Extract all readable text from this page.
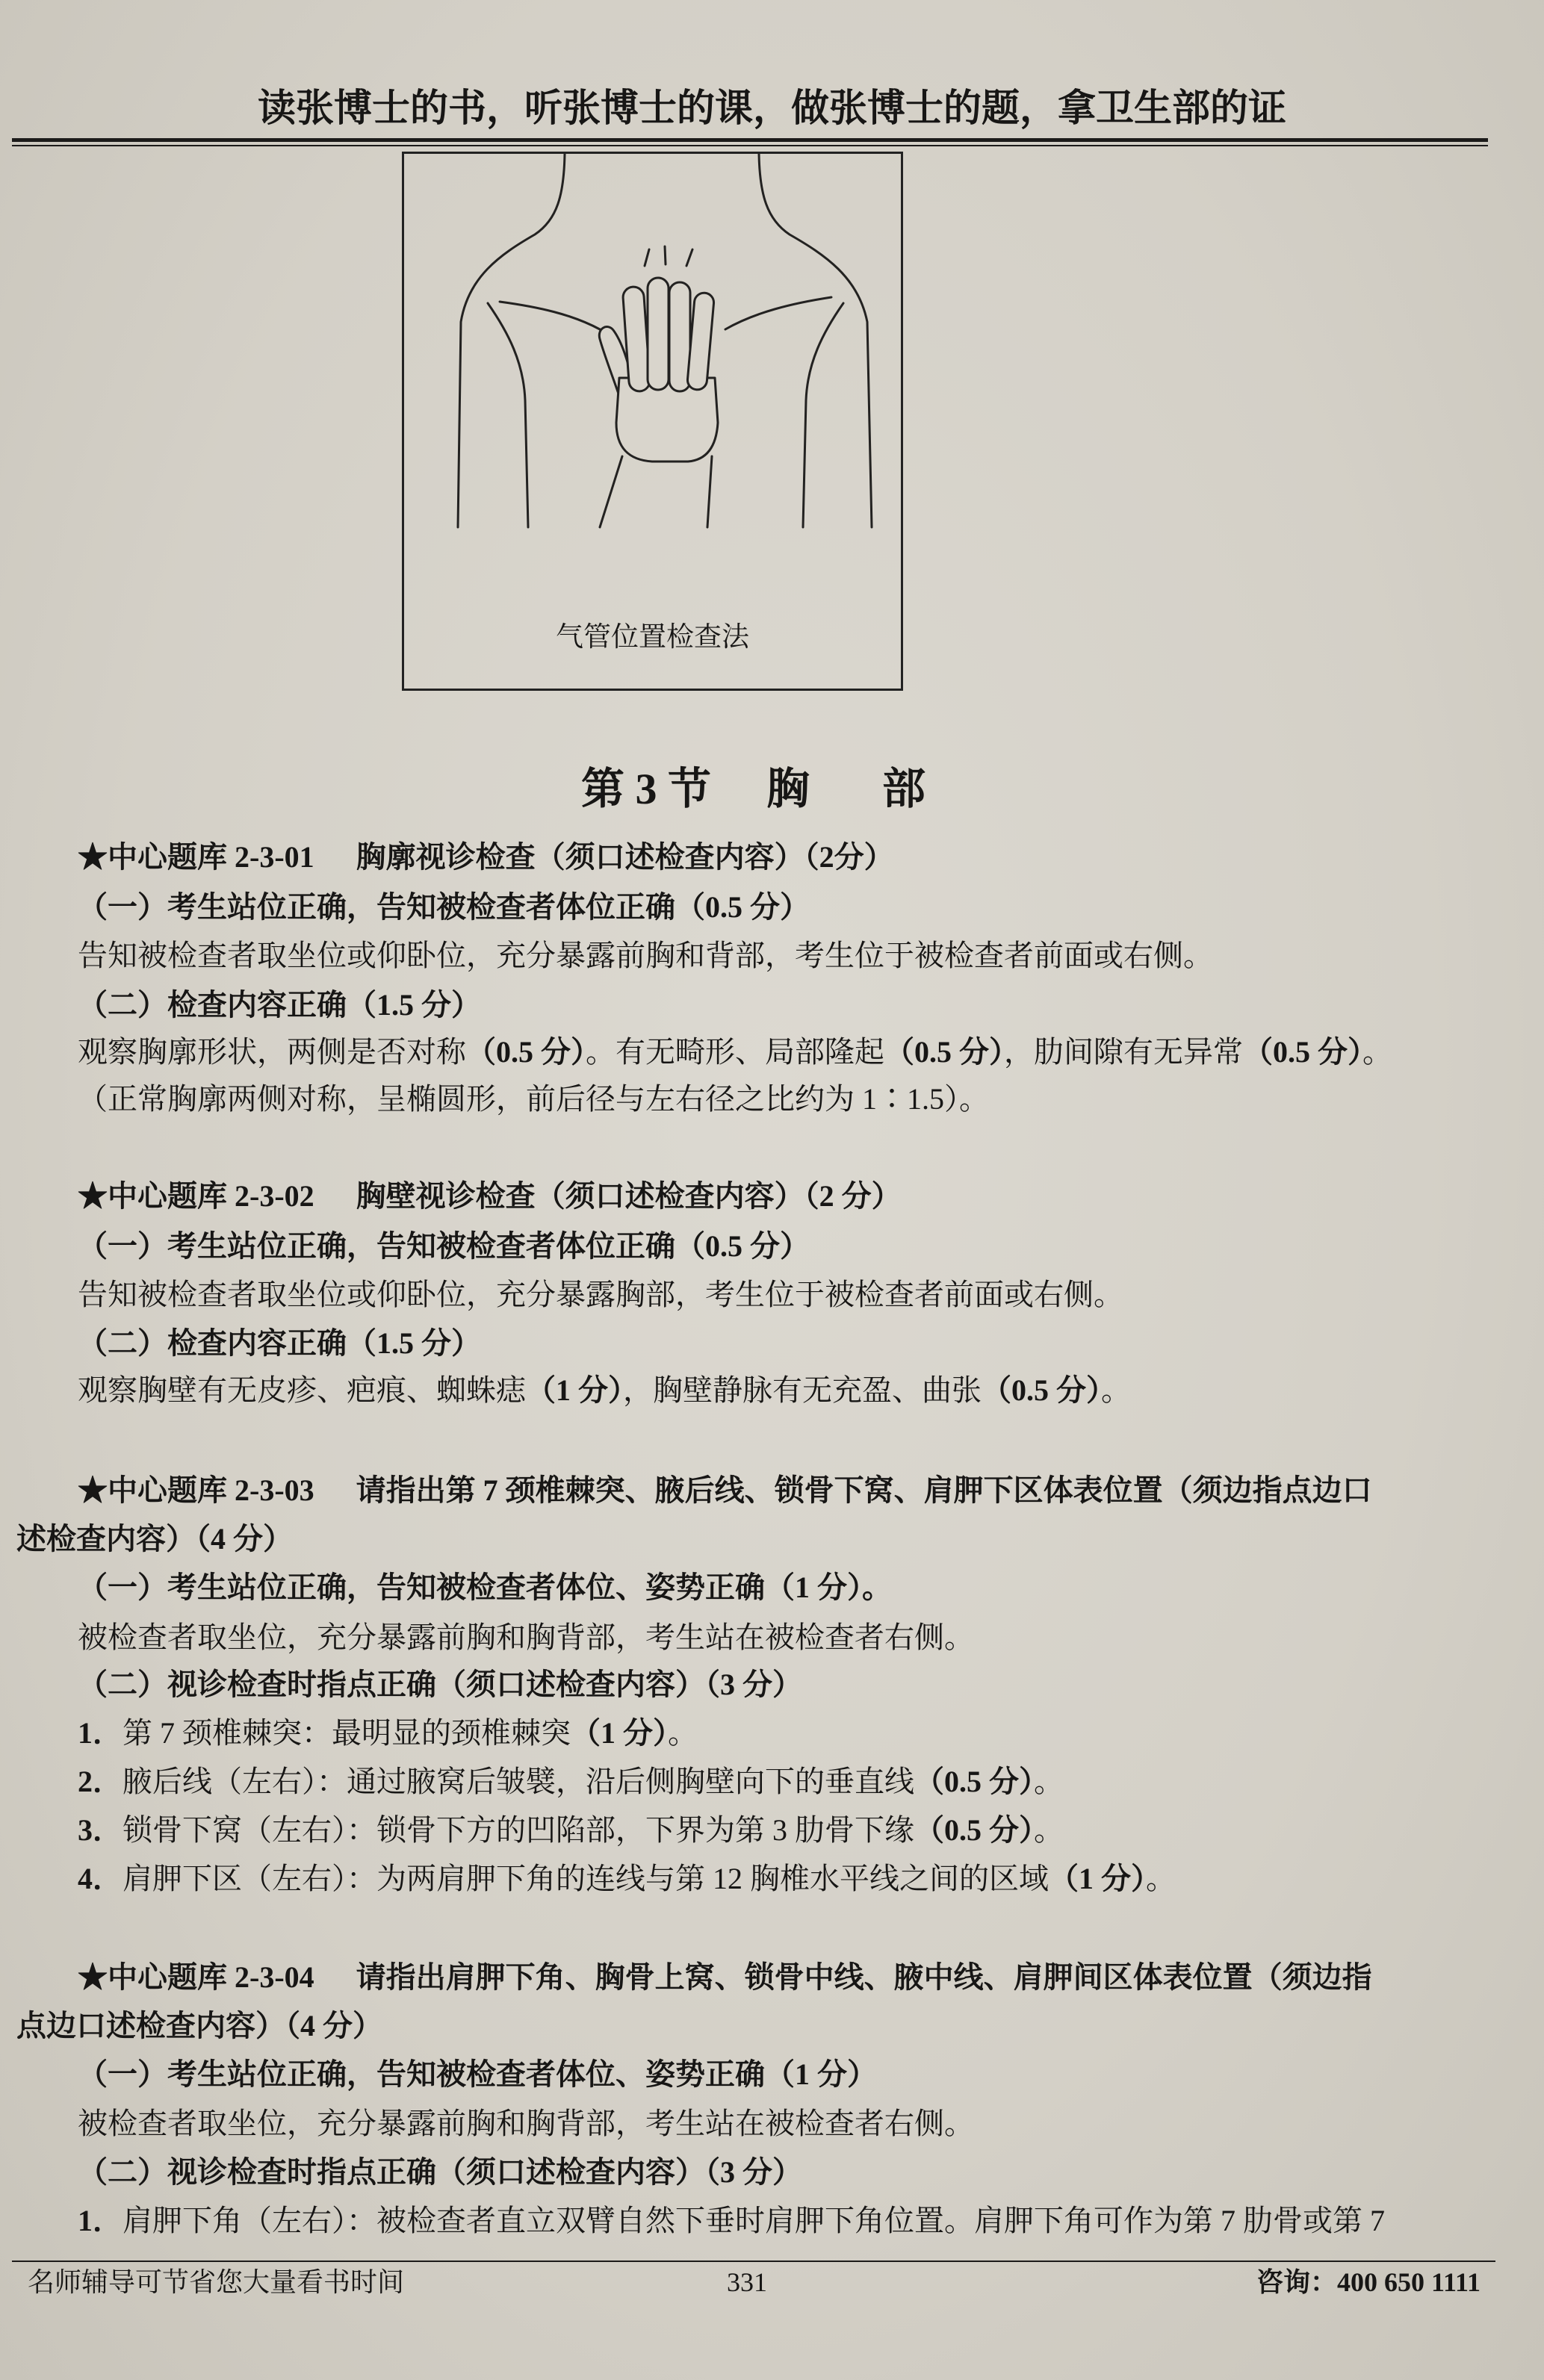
读张博士的书，听张博士的课，做张博士的题，拿卫生部的证
气管位置检查法
第 3 节 胸 部
★中心题库 2-3-01 胸廓视诊检查（须口述检查内容）（2分）
（一）考生站位正确，告知被检查者体位正确（0.5 分）
告知被检查者取坐位或仰卧位，充分暴露前胸和背部，考生位于被检查者前面或右侧。
（二）检查内容正确（1.5 分）
观察胸廓形状，两侧是否对称（0.5 分）。有无畸形、局部隆起（0.5 分），肋间隙有无异常（0.5 分）。
（正常胸廓两侧对称，呈椭圆形，前后径与左右径之比约为 1∶1.5）。
★中心题库 2-3-02 胸壁视诊检查（须口述检查内容）（2 分）
（一）考生站位正确，告知被检查者体位正确（0.5 分）
告知被检查者取坐位或仰卧位，充分暴露胸部，考生位于被检查者前面或右侧。
（二）检查内容正确（1.5 分）
观察胸壁有无皮疹、疤痕、蜘蛛痣（1 分），胸壁静脉有无充盈、曲张（0.5 分）。
★中心题库 2-3-03 请指出第 7 颈椎棘突、腋后线、锁骨下窝、肩胛下区体表位置（须边指点边口
述检查内容）（4 分）
（一）考生站位正确，告知被检查者体位、姿势正确（1 分）。
被检查者取坐位，充分暴露前胸和胸背部，考生站在被检查者右侧。
（二）视诊检查时指点正确（须口述检查内容）（3 分）
1．第 7 颈椎棘突：最明显的颈椎棘突（1 分）。
2．腋后线（左右）：通过腋窝后皱襞，沿后侧胸壁向下的垂直线（0.5 分）。
3．锁骨下窝（左右）：锁骨下方的凹陷部，下界为第 3 肋骨下缘（0.5 分）。
4．肩胛下区（左右）：为两肩胛下角的连线与第 12 胸椎水平线之间的区域（1 分）。
★中心题库 2-3-04 请指出肩胛下角、胸骨上窝、锁骨中线、腋中线、肩胛间区体表位置（须边指
点边口述检查内容）（4 分）
（一）考生站位正确，告知被检查者体位、姿势正确（1 分）
被检查者取坐位，充分暴露前胸和胸背部，考生站在被检查者右侧。
（二）视诊检查时指点正确（须口述检查内容）（3 分）
1．肩胛下角（左右）：被检查者直立双臂自然下垂时肩胛下角位置。肩胛下角可作为第 7 肋骨或第 7
名师辅导可节省您大量看书时间	331	咨询：400 650 1111
